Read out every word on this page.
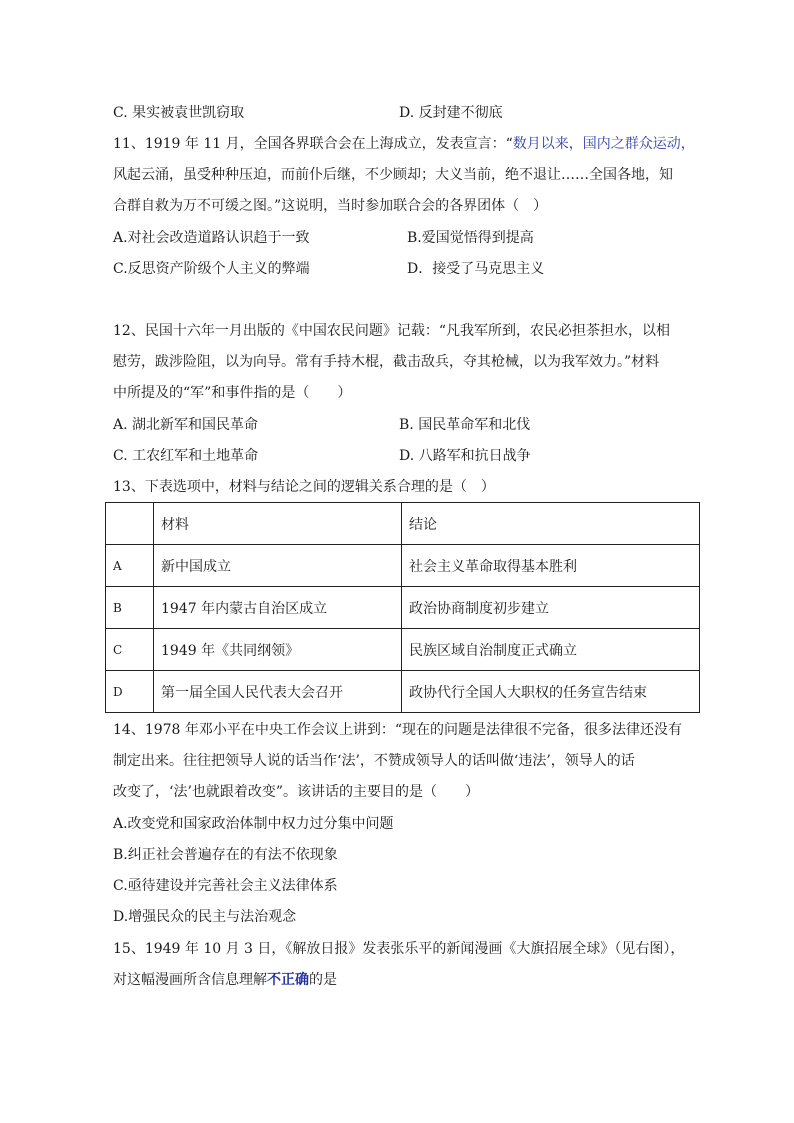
C. 果实被袁世凯窃取	D. 反封建不彻底
11、1919 年 11 月，全国各界联合会在上海成立，发表宣言：“数月以来，国内之群众运动，
风起云涌，虽受种种压迫，而前仆后继，不少顾却；大义当前，绝不退让……全国各地，知
合群自救为万不可缓之图。”这说明，当时参加联合会的各界团体（　）
A.对社会改造道路认识趋于一致	B.爱国觉悟得到提高
C.反思资产阶级个人主义的弊端	D．接受了马克思主义
12、民国十六年一月出版的《中国农民问题》记载：“凡我军所到，农民必担茶担水，以相
慰劳，跋涉险阻，以为向导。常有手持木棍，截击敌兵，夺其枪械，以为我军效力。”材料
中所提及的“军”和事件指的是（　　）
A. 湖北新军和国民革命	B. 国民革命军和北伐
C. 工农红军和土地革命	D. 八路军和抗日战争
13、下表选项中，材料与结论之间的逻辑关系合理的是（　）
	材料	结论
A	新中国成立	社会主义革命取得基本胜利
B	1947 年内蒙古自治区成立	政治协商制度初步建立
C	1949 年《共同纲领》	民族区域自治制度正式确立
D	第一届全国人民代表大会召开	政协代行全国人大职权的任务宣告结束
14、1978 年邓小平在中央工作会议上讲到：“现在的问题是法律很不完备，很多法律还没有
制定出来。往往把领导人说的话当作‘法’，不赞成领导人的话叫做‘违法’，领导人的话
改变了，‘法’也就跟着改变”。该讲话的主要目的是（　　）
A.改变党和国家政治体制中权力过分集中问题
B.纠正社会普遍存在的有法不依现象
C.亟待建设并完善社会主义法律体系
D.增强民众的民主与法治观念
15、1949 年 10 月 3 日，《解放日报》发表张乐平的新闻漫画《大旗招展全球》（见右图），
对这幅漫画所含信息理解不正确的是
